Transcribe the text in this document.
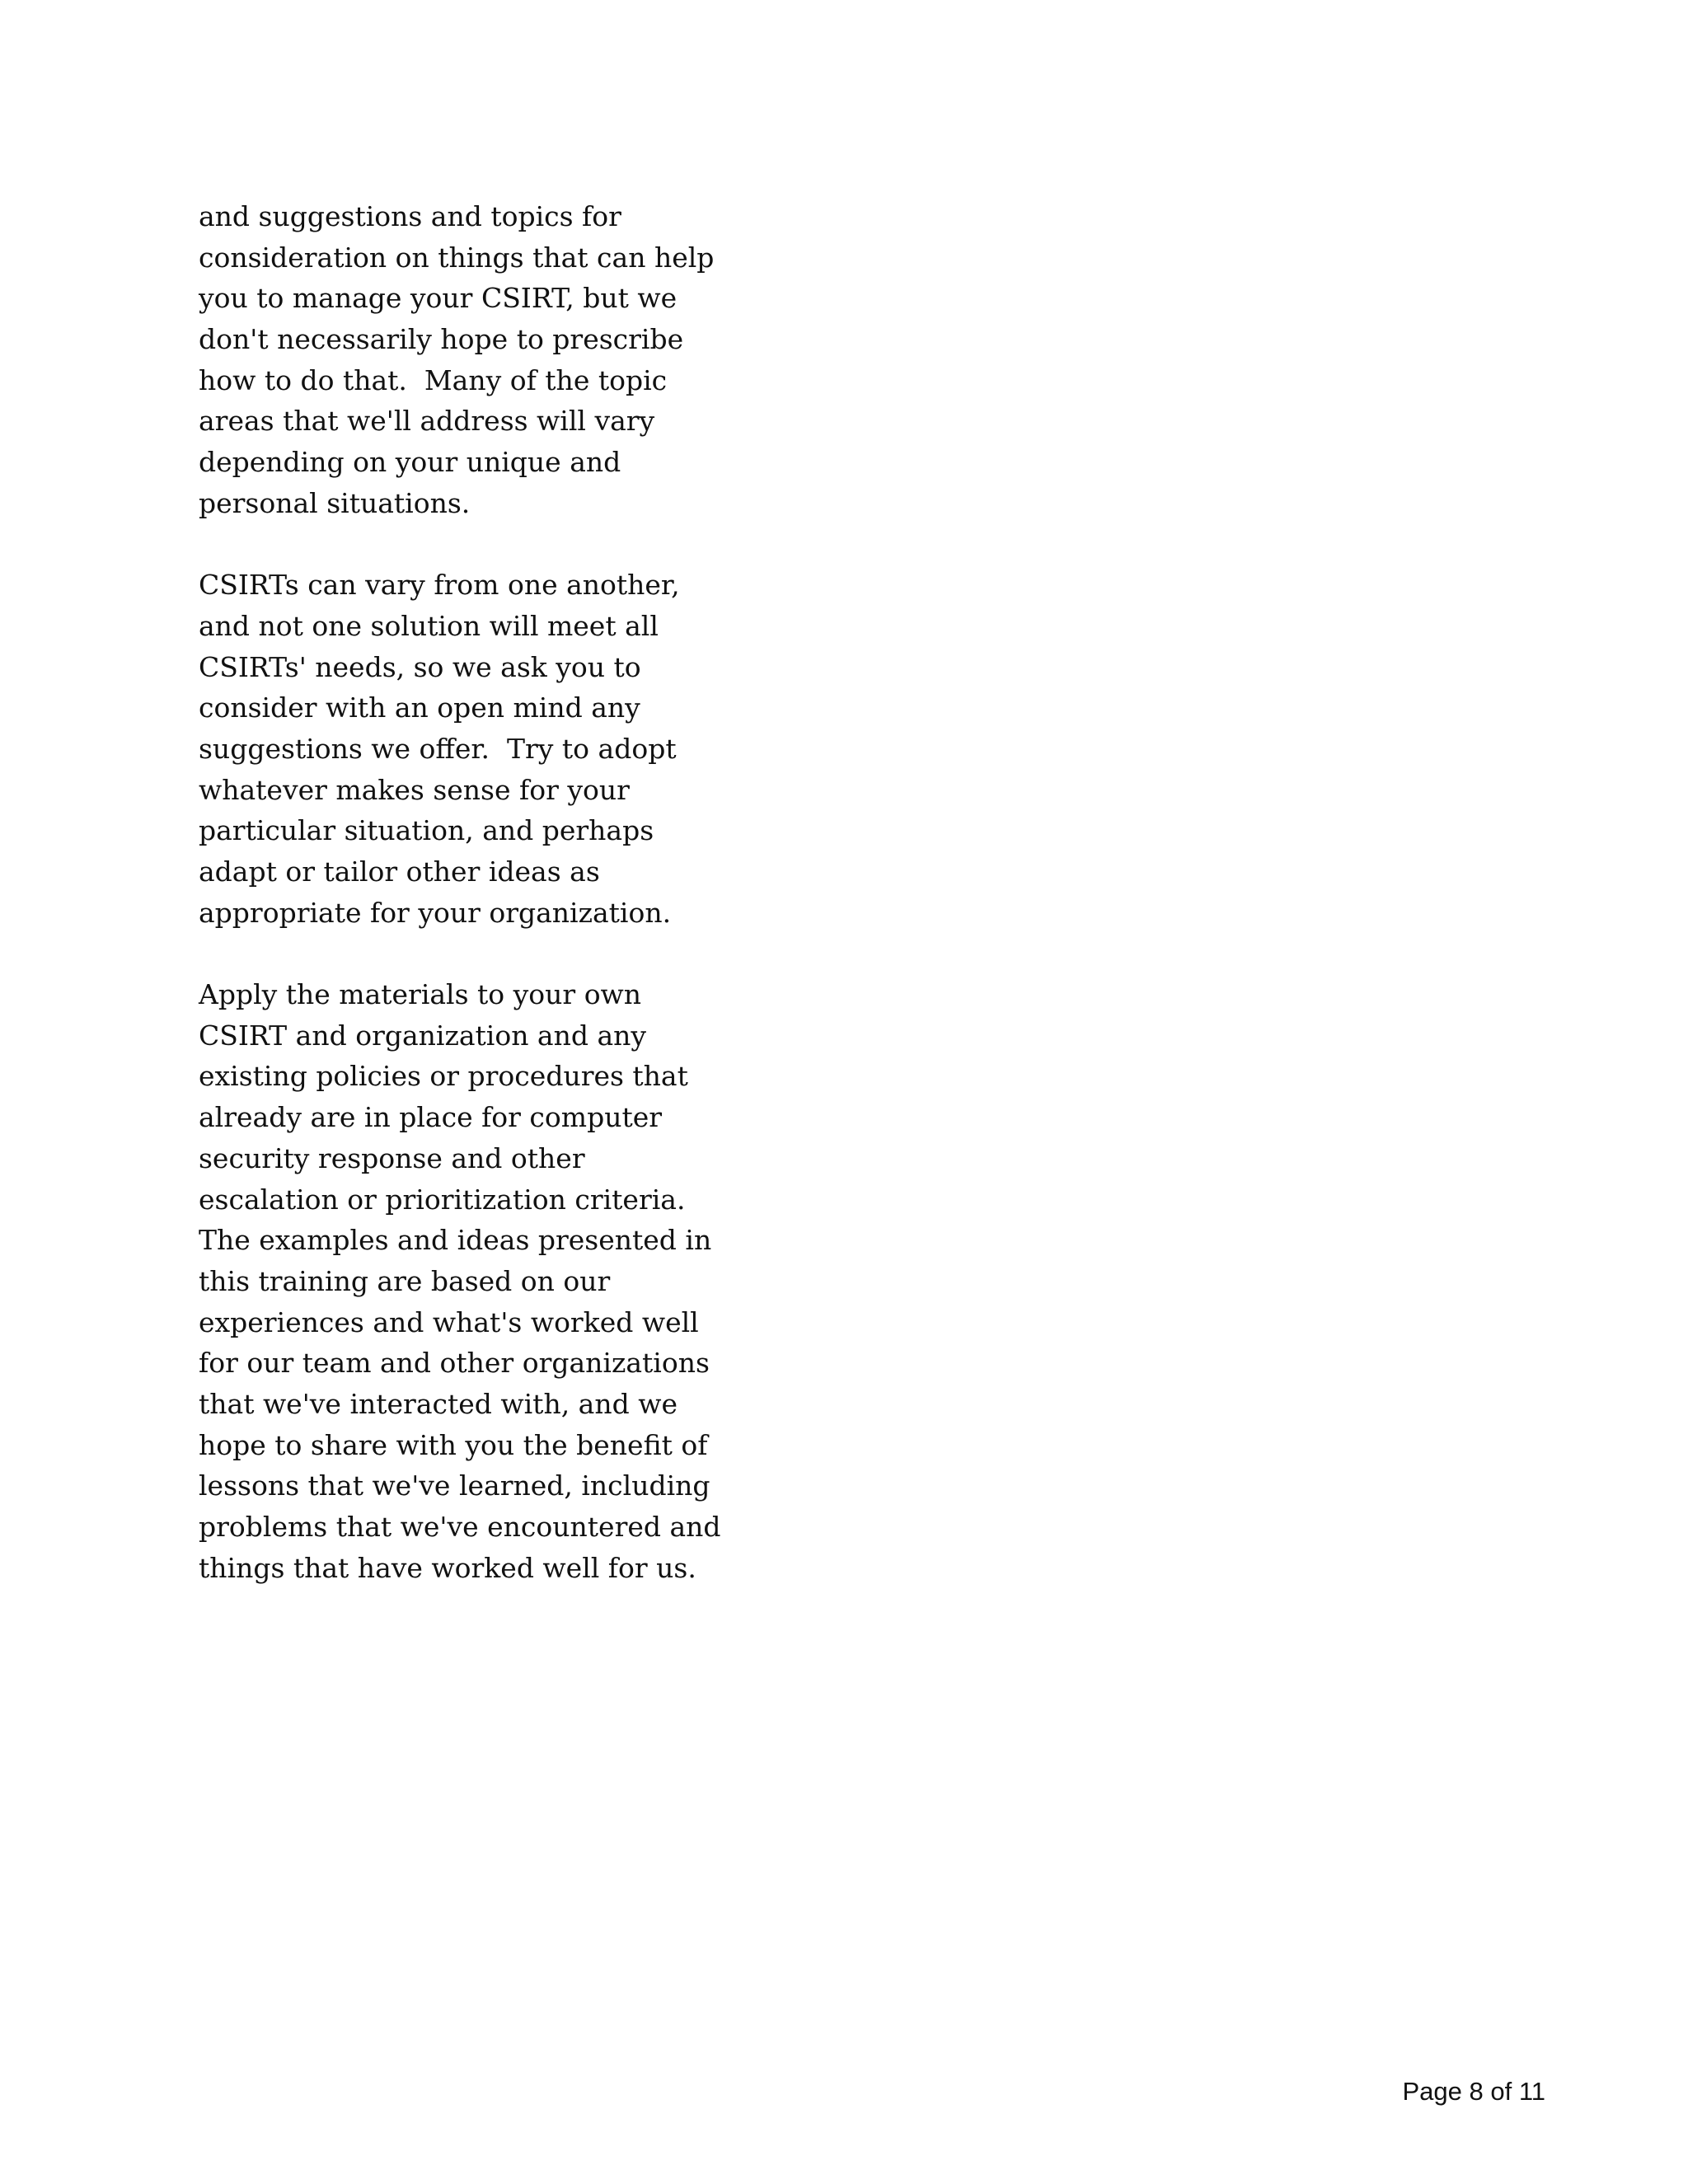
and suggestions and topics for

consideration on things that can help

you to manage your CSIRT, but we

don't necessarily hope to prescribe

how to do that.  Many of the topic

areas that we'll address will vary

depending on your unique and

personal situations.

CSIRTs can vary from one another,

and not one solution will meet all

CSIRTs' needs, so we ask you to

consider with an open mind any

suggestions we offer.  Try to adopt

whatever makes sense for your

particular situation, and perhaps

adapt or tailor other ideas as

appropriate for your organization.

Apply the materials to your own

CSIRT and organization and any

existing policies or procedures that

already are in place for computer

security response and other

escalation or prioritization criteria.

The examples and ideas presented in

this training are based on our

experiences and what's worked well

for our team and other organizations

that we've interacted with, and we

hope to share with you the benefit of

lessons that we've learned, including

problems that we've encountered and

things that have worked well for us.

Page 8 of 11
